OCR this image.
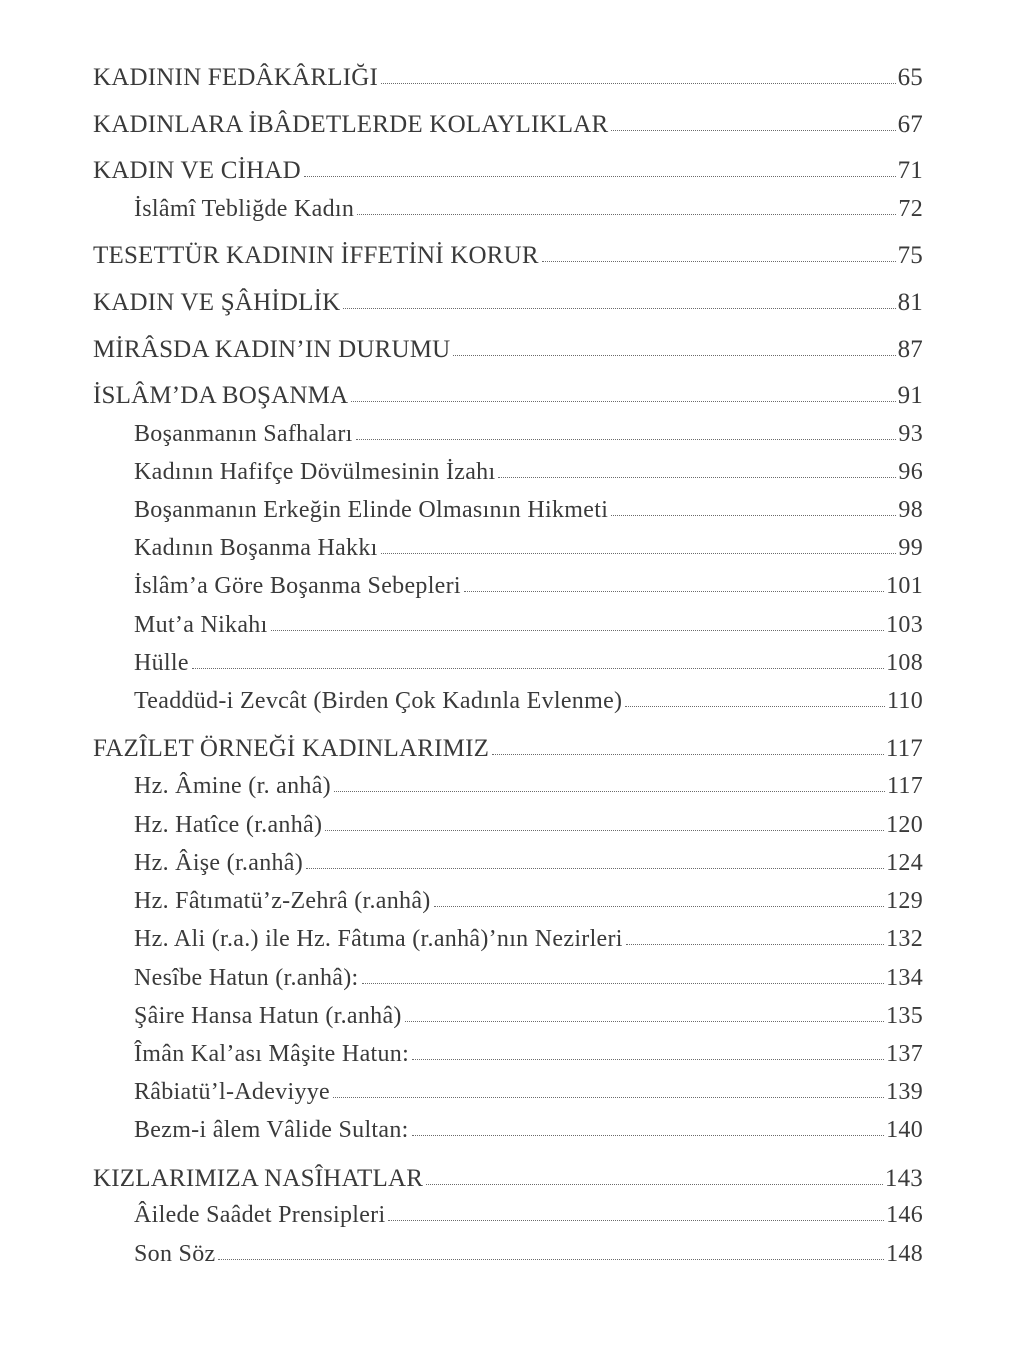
KADININ FEDÂKÂRLIĞI	65
KADINLARA İBÂDETLERDE KOLAYLIKLAR	67
KADIN VE CİHAD	71
İslâmî Tebliğde Kadın	72
TESETTÜR KADININ İFFETİNİ KORUR	75
KADIN VE ŞÂHİDLİK	81
MİRÂSDA KADIN’IN DURUMU	87
İSLÂM’DA BOŞANMA	91
Boşanmanın Safhaları	93
Kadının Hafifçe Dövülmesinin İzahı	96
Boşanmanın Erkeğin Elinde Olmasının Hikmeti	98
Kadının Boşanma Hakkı	99
İslâm’a Göre Boşanma Sebepleri	101
Mut’a Nikahı	103
Hülle	108
Teaddüd-i Zevcât (Birden Çok Kadınla Evlenme)	110
FAZÎLET ÖRNEĞİ KADINLARIMIZ	117
Hz. Âmine (r. anhâ)	117
Hz. Hatîce (r.anhâ)	120
Hz. Âişe (r.anhâ)	124
Hz. Fâtımatü’z-Zehrâ (r.anhâ)	129
Hz. Ali (r.a.) ile Hz. Fâtıma (r.anhâ)’nın Nezirleri	132
Nesîbe Hatun (r.anhâ):	134
Şâire Hansa Hatun (r.anhâ)	135
Îmân Kal’ası Mâşite Hatun:	137
Râbiatü’l-Adeviyye	139
Bezm-i âlem Vâlide Sultan:	140
KIZLARIMIZA NASÎHATLAR	143
Âilede Saâdet Prensipleri	146
Son Söz	148
